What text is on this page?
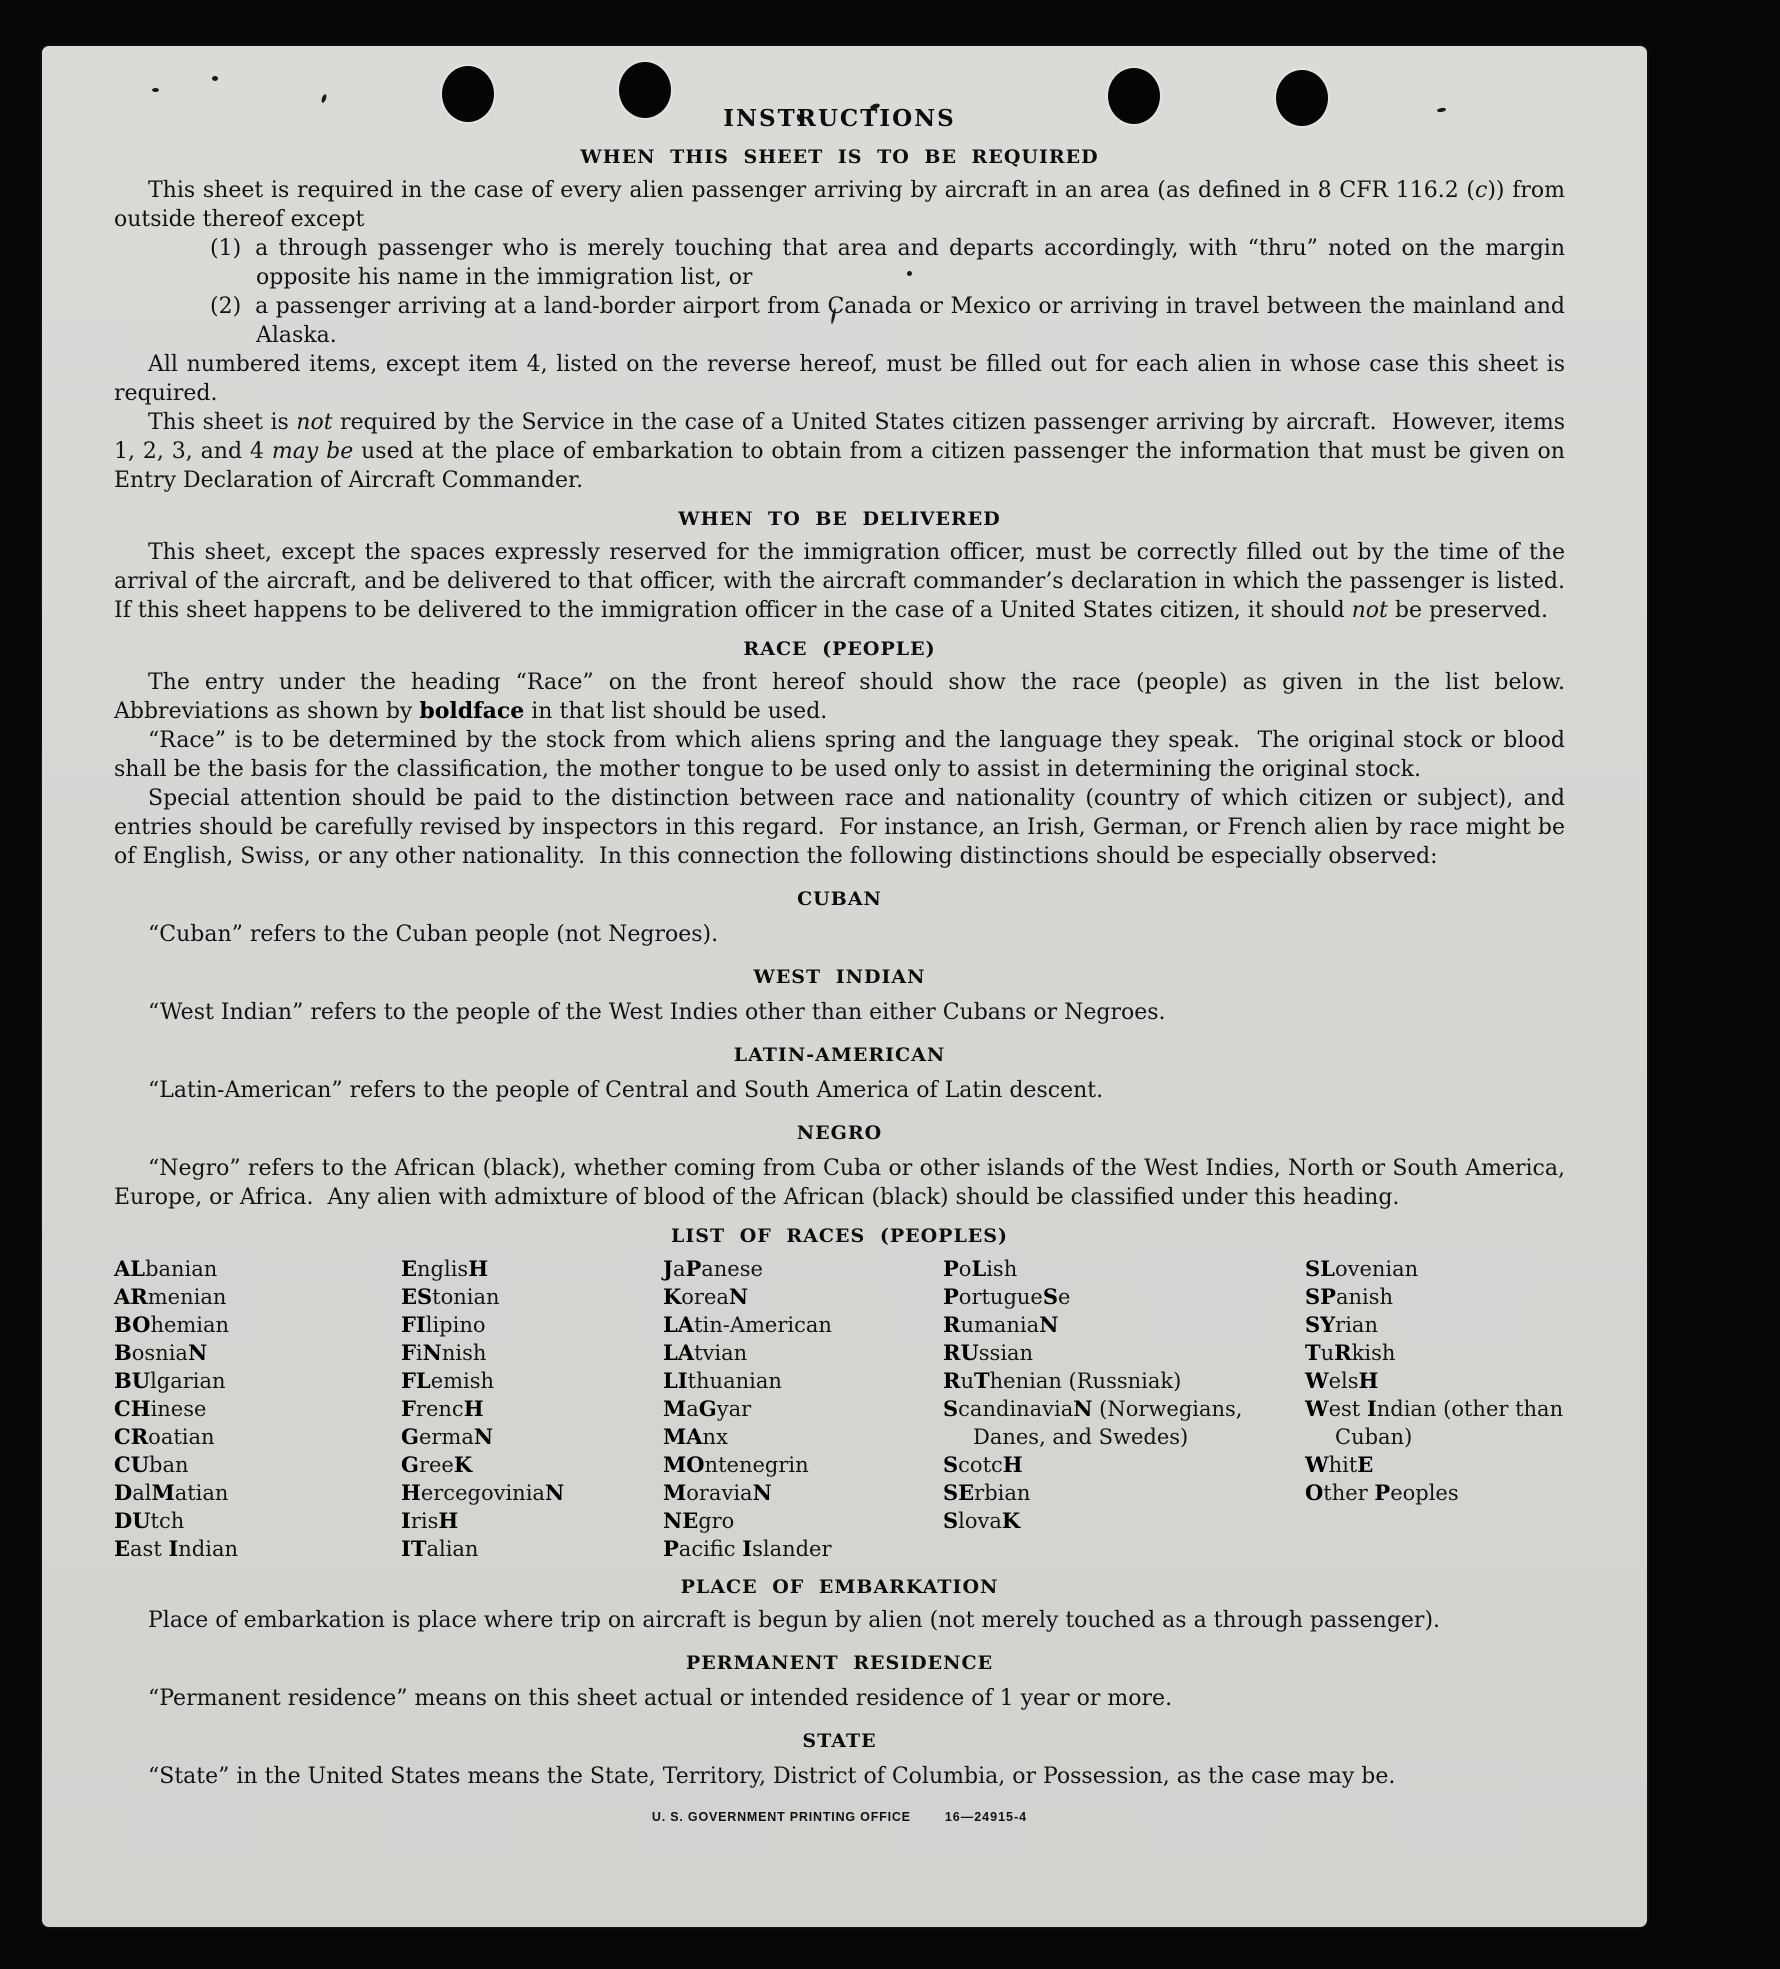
INSTRUCTIONS
WHEN THIS SHEET IS TO BE REQUIRED

This sheet is required in the case of every alien passenger arriving by aircraft in an area (as defined in 8 CFR 116.2 (c)) from outside thereof except

(1) a through passenger who is merely touching that area and departs accordingly, with “thru” noted on the margin opposite his name in the immigration list, or
(2) a passenger arriving at a land-border airport from Canada or Mexico or arriving in travel between the mainland and Alaska.

All numbered items, except item 4, listed on the reverse hereof, must be filled out for each alien in whose case this sheet is required.

This sheet is not required by the Service in the case of a United States citizen passenger arriving by aircraft.  However, items 1, 2, 3, and 4 may be used at the place of embarkation to obtain from a citizen passenger the information that must be given on Entry Declaration of Aircraft Commander.

WHEN TO BE DELIVERED

This sheet, except the spaces expressly reserved for the immigration officer, must be correctly filled out by the time of the arrival of the aircraft, and be delivered to that officer, with the aircraft commander’s declaration in which the passenger is listed.  If this sheet happens to be delivered to the immigration officer in the case of a United States citizen, it should not be preserved.

RACE (PEOPLE)

The entry under the heading “Race” on the front hereof should show the race (people) as given in the list below.  Abbreviations as shown by boldface in that list should be used.

“Race” is to be determined by the stock from which aliens spring and the language they speak.  The original stock or blood shall be the basis for the classification, the mother tongue to be used only to assist in determining the original stock.

Special attention should be paid to the distinction between race and nationality (country of which citizen or subject), and entries should be carefully revised by inspectors in this regard.  For instance, an Irish, German, or French alien by race might be of English, Swiss, or any other nationality.  In this connection the following distinctions should be especially observed:

CUBAN

“Cuban” refers to the Cuban people (not Negroes).

WEST INDIAN

“West Indian” refers to the people of the West Indies other than either Cubans or Negroes.

LATIN-AMERICAN

“Latin-American” refers to the people of Central and South America of Latin descent.

NEGRO

“Negro” refers to the African (black), whether coming from Cuba or other islands of the West Indies, North or South America, Europe, or Africa.  Any alien with admixture of blood of the African (black) should be classified under this heading.

LIST OF RACES (PEOPLES)
ALbanian
ARmenian
BOhemian
BosniaN
BUlgarian
CHinese
CRoatian
CUban
DalMatian
DUtch
East Indian
EnglisH
EStonian
FIlipino
FiNnish
FLemish
FrencH
GermaN
GreeK
HercegoviniaN
IrisH
ITalian
JaPanese
KoreaN
LAtin-American
LAtvian
LIthuanian
MaGyar
MAnx
MOntenegrin
MoraviaN
NEgro
Pacific Islander
PoLish
PortugueSe
RumaniaN
RUssian
RuThenian (Russniak)
ScandinaviaN (Norwegians, Danes, and Swedes)
ScotcH
SErbian
SlovaK
SLovenian
SPanish
SYrian
TuRkish
WelsH
West Indian (other than Cuban)
WhitE
Other Peoples
PLACE OF EMBARKATION

Place of embarkation is place where trip on aircraft is begun by alien (not merely touched as a through passenger).

PERMANENT RESIDENCE

“Permanent residence” means on this sheet actual or intended residence of 1 year or more.

STATE

“State” in the United States means the State, Territory, District of Columbia, or Possession, as the case may be.

U. S. GOVERNMENT PRINTING OFFICE	16—24915-4
